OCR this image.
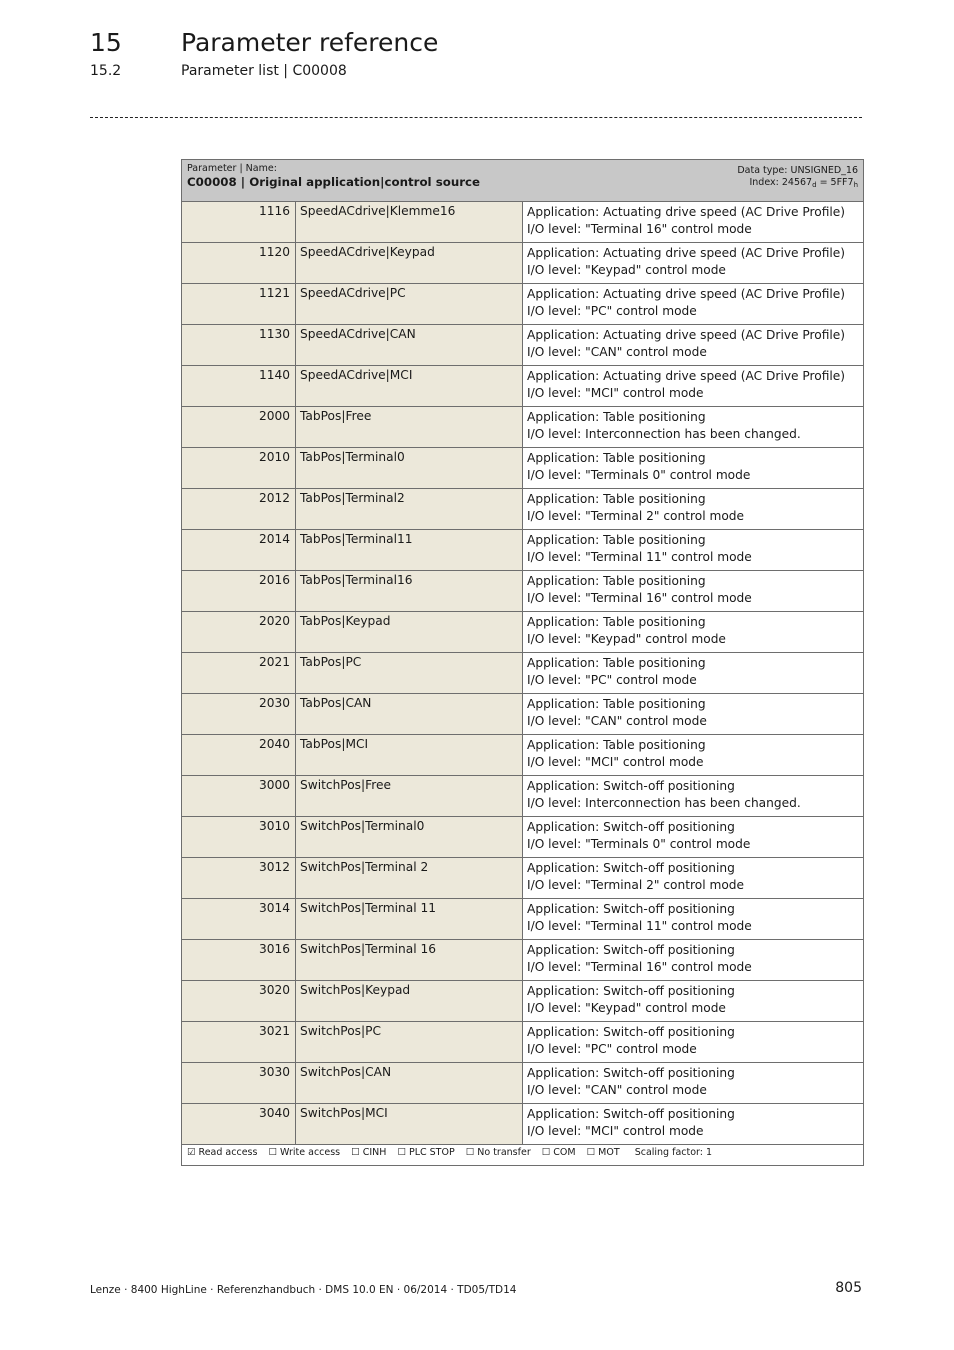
15 Parameter reference
15.2	Parameter list | C00008
Parameter | Name:
C00008 | Original application|control source
Data type: UNSIGNED_16
Index: $24567_d = 5FF7_h$

1116	SpeedACdrive|Klemme16	Application: Actuating drive speed (AC Drive Profile)
I/O level: "Terminal 16" control mode

1120	SpeedACdrive|Keypad	Application: Actuating drive speed (AC Drive Profile)
I/O level: "Keypad" control mode

1121	SpeedACdrive|PC	Application: Actuating drive speed (AC Drive Profile)
I/O level: "PC" control mode

1130	SpeedACdrive|CAN	Application: Actuating drive speed (AC Drive Profile)
I/O level: "CAN" control mode

1140	SpeedACdrive|MCI	Application: Actuating drive speed (AC Drive Profile)
I/O level: "MCI" control mode

2000	TabPos|Free	Application: Table positioning
I/O level: Interconnection has been changed.

2010	TabPos|Terminal0	Application: Table positioning
I/O level: "Terminals 0" control mode

2012	TabPos|Terminal2	Application: Table positioning
I/O level: "Terminal 2" control mode

2014	TabPos|Terminal11	Application: Table positioning
I/O level: "Terminal 11" control mode

2016	TabPos|Terminal16	Application: Table positioning
I/O level: "Terminal 16" control mode

2020	TabPos|Keypad	Application: Table positioning
I/O level: "Keypad" control mode

2021	TabPos|PC	Application: Table positioning
I/O level: "PC" control mode

2030	TabPos|CAN	Application: Table positioning
I/O level: "CAN" control mode

2040	TabPos|MCI	Application: Table positioning
I/O level: "MCI" control mode

3000	SwitchPos|Free	Application: Switch-off positioning
I/O level: Interconnection has been changed.

3010	SwitchPos|Terminal0	Application: Switch-off positioning
I/O level: "Terminals 0" control mode

3012	SwitchPos|Terminal 2	Application: Switch-off positioning
I/O level: "Terminal 2" control mode

3014	SwitchPos|Terminal 11	Application: Switch-off positioning
I/O level: "Terminal 11" control mode

3016	SwitchPos|Terminal 16	Application: Switch-off positioning
I/O level: "Terminal 16" control mode

3020	SwitchPos|Keypad	Application: Switch-off positioning
I/O level: "Keypad" control mode

3021	SwitchPos|PC	Application: Switch-off positioning
I/O level: "PC" control mode

3030	SwitchPos|CAN	Application: Switch-off positioning
I/O level: "CAN" control mode

3040	SwitchPos|MCI	Application: Switch-off positioning
I/O level: "MCI" control mode

☑ Read access ☐ Write access ☐ CINH ☐ PLC STOP ☐ No transfer ☐ COM ☐ MOT Scaling factor: 1		
Lenze · 8400 HighLine · Referenzhandbuch · DMS 10.0 EN · 06/2014 · TD05/TD14	805
